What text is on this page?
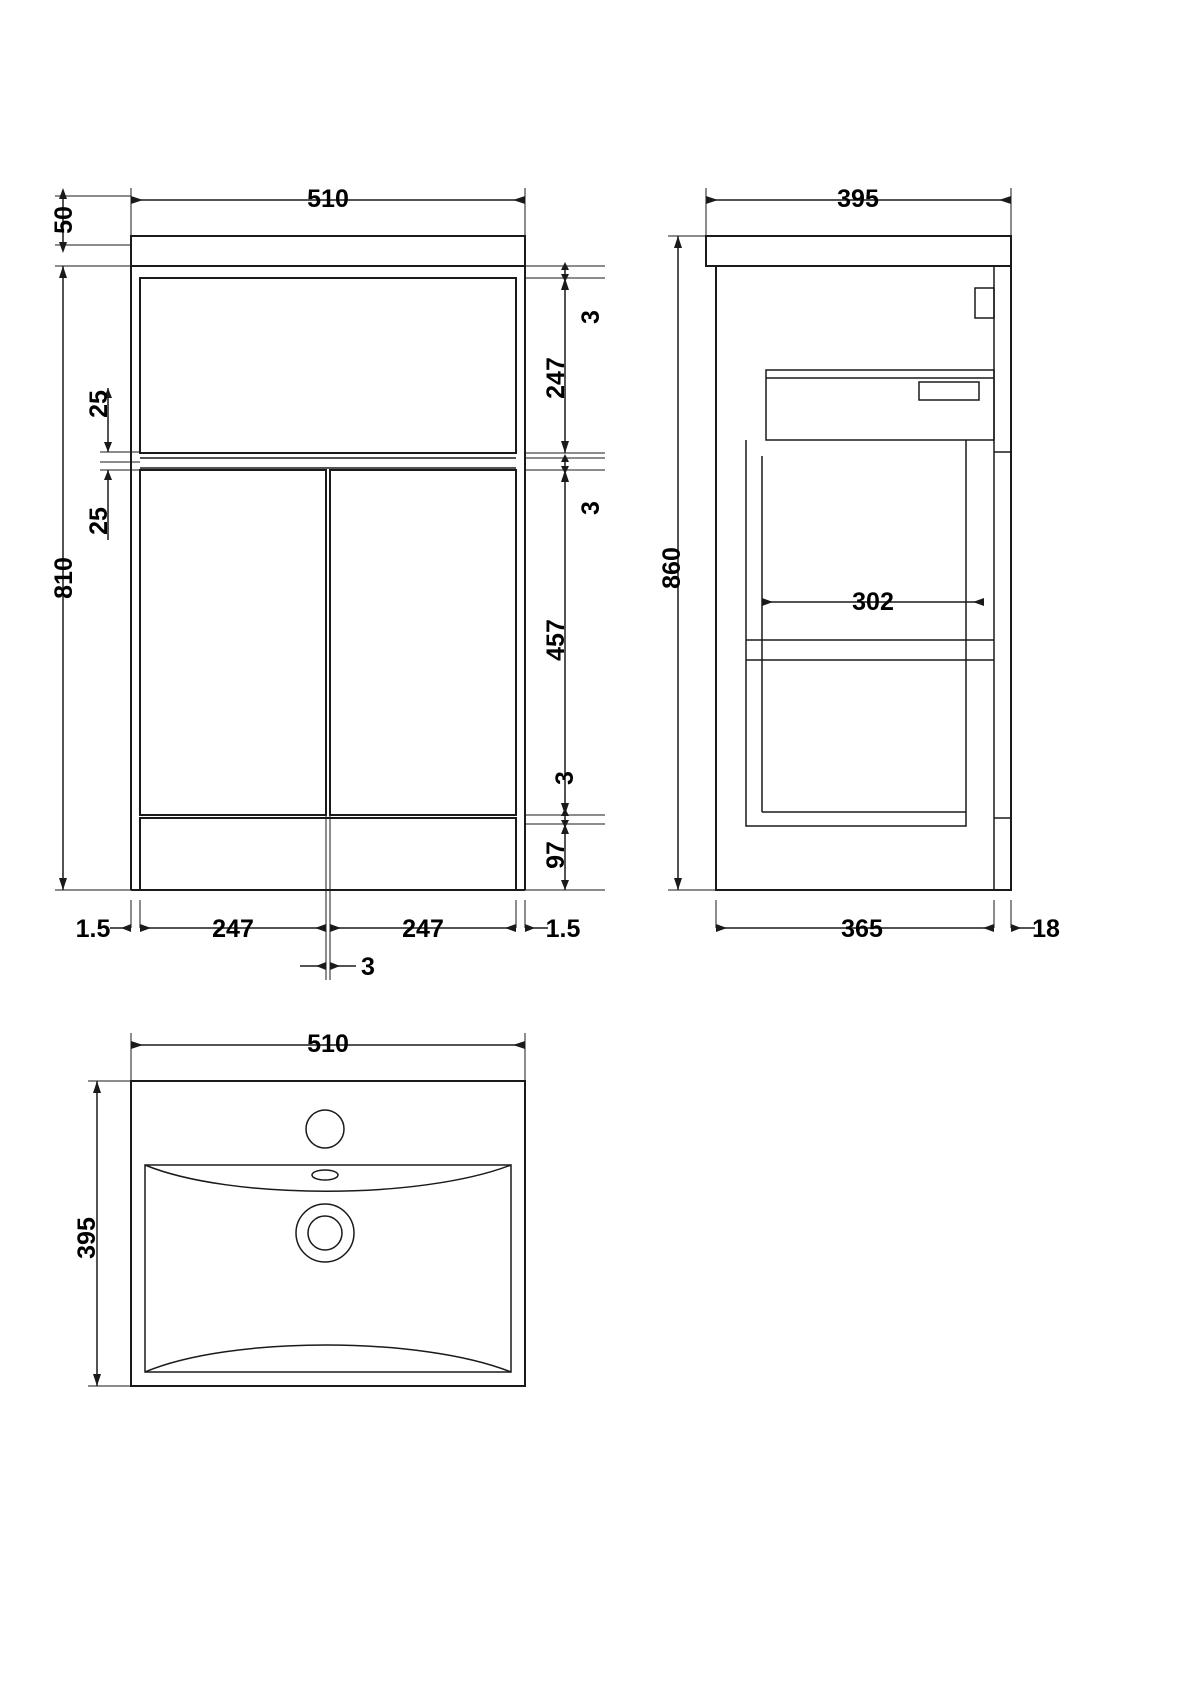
510
50
810
25
25
3
247
3
457
3
97
1.5	247	247	1.5
3
395
860
302
365	18
510
395
